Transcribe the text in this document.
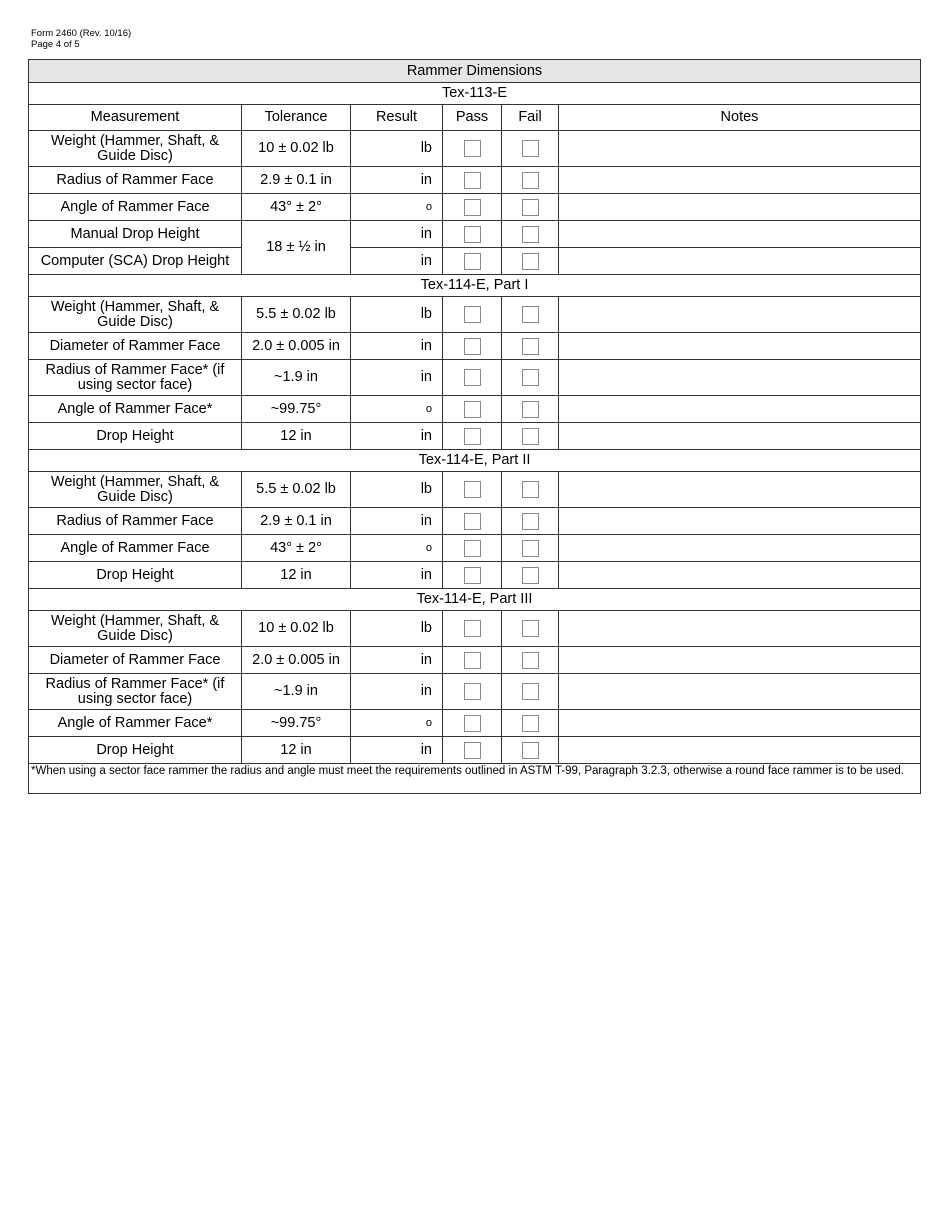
Form 2460 (Rev. 10/16)
Page 4 of 5
Rammer Dimensions					
Tex-113-E					
Measurement	Tolerance	Result	Pass	Fail	Notes
Weight (Hammer, Shaft, & Guide Disc)	10 ± 0.02 lb	lb			
Radius of Rammer Face	2.9 ± 0.1 in	in			
Angle of Rammer Face	43° ± 2°	o			
Manual Drop Height	18 ± ½ in	in			
Computer (SCA) Drop Height		in			
Tex-114-E, Part I					
Weight (Hammer, Shaft, & Guide Disc)	5.5 ± 0.02 lb	lb			
Diameter of Rammer Face	2.0 ± 0.005 in	in			
Radius of Rammer Face* (if using sector face)	~1.9 in	in			
Angle of Rammer Face*	~99.75°	o			
Drop Height	12 in	in			
Tex-114-E, Part II					
Weight (Hammer, Shaft, & Guide Disc)	5.5 ± 0.02 lb	lb			
Radius of Rammer Face	2.9 ± 0.1 in	in			
Angle of Rammer Face	43° ± 2°	o			
Drop Height	12 in	in			
Tex-114-E, Part III					
Weight (Hammer, Shaft, & Guide Disc)	10 ± 0.02 lb	lb			
Diameter of Rammer Face	2.0 ± 0.005 in	in			
Radius of Rammer Face* (if using sector face)	~1.9 in	in			
Angle of Rammer Face*	~99.75°	o			
Drop Height	12 in	in			
*When using a sector face rammer the radius and angle must meet the requirements outlined in ASTM T-99, Paragraph 3.2.3, otherwise a round face rammer is to be used.					
